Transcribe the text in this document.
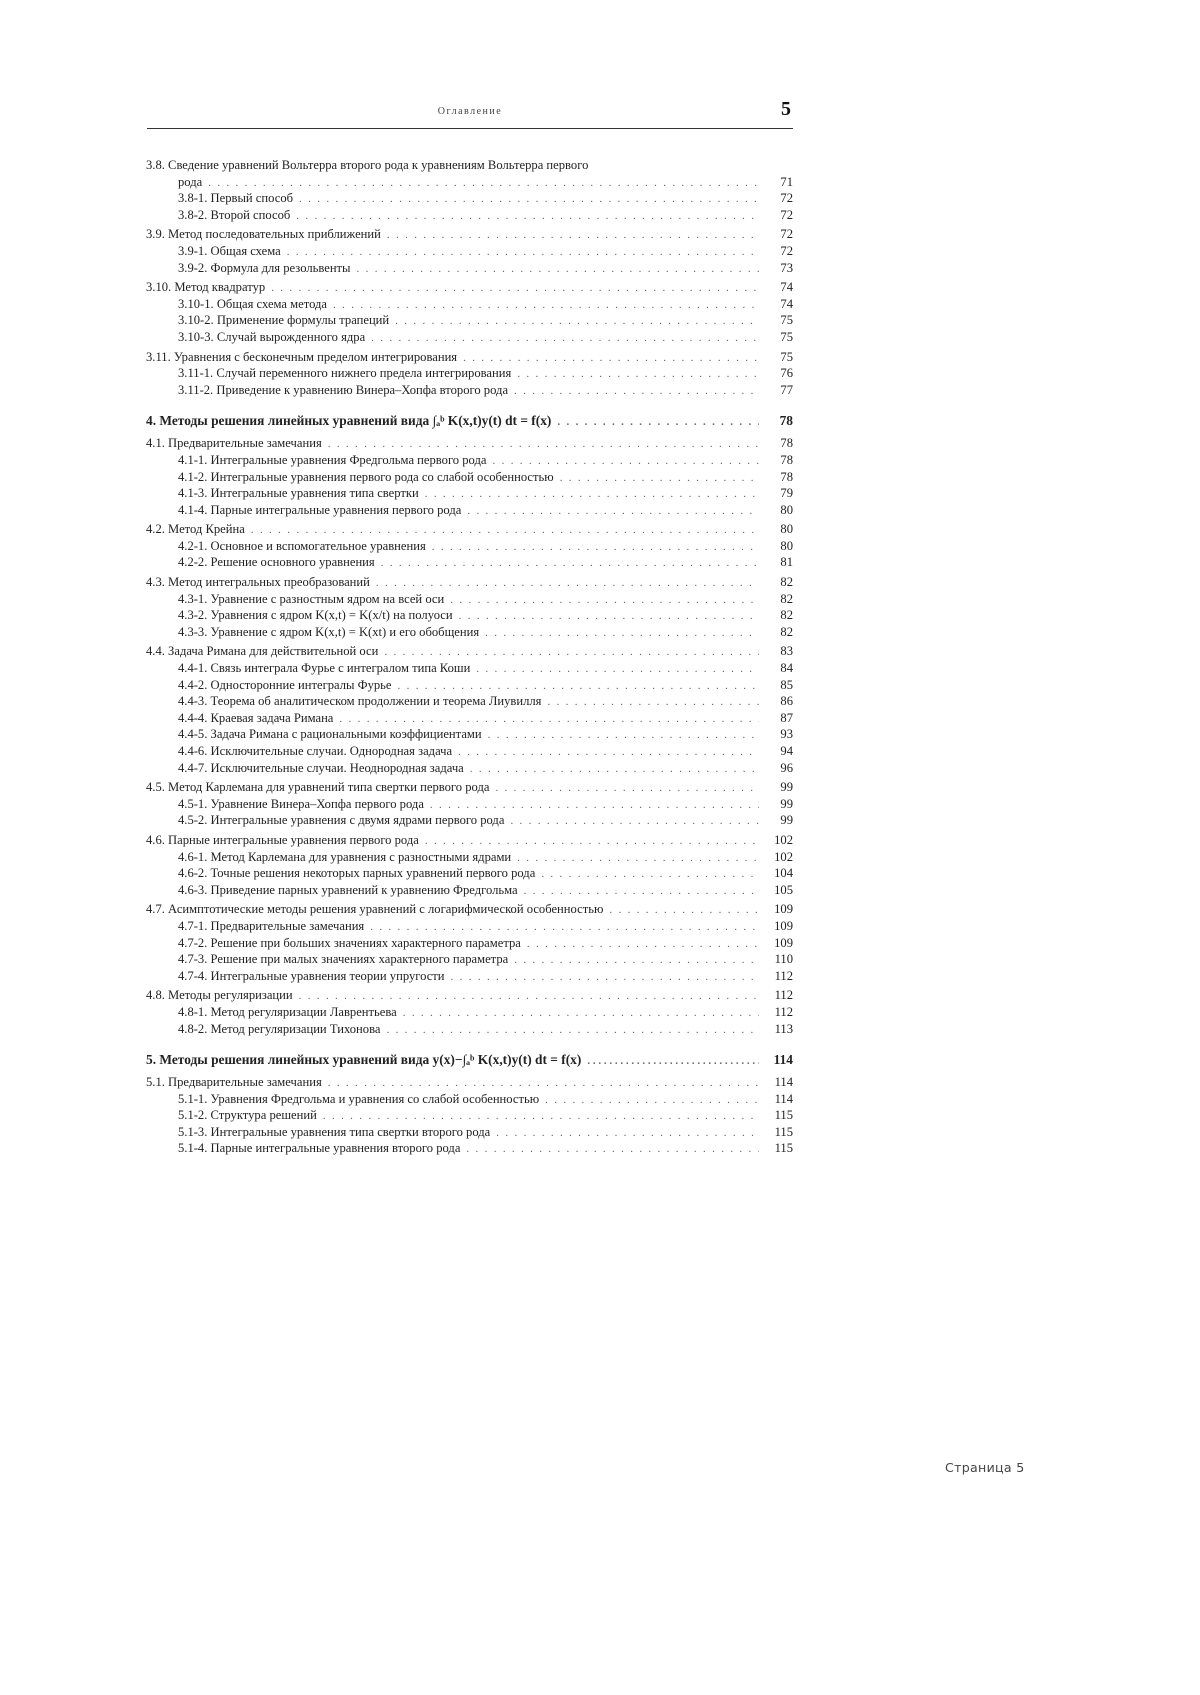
Оглавление	5
3.8. Сведение уравнений Вольтерра второго рода к уравнениям Вольтерра первого
рода
. . .	71
3.8-1. Первый способ
. . .	72
3.8-2. Второй способ
. . .	72
3.9. Метод последовательных приближений
. . .	72
3.9-1. Общая схема
. . .	72
3.9-2. Формула для резольвенты
. . .	73
3.10. Метод квадратур
. . .	74
3.10-1. Общая схема метода
. . .	74
3.10-2. Применение формулы трапеций
. . .	75
3.10-3. Случай вырожденного ядра
. . .	75
3.11. Уравнения с бесконечным пределом интегрирования
. . .	75
3.11-1. Случай переменного нижнего предела интегрирования
. . .	76
3.11-2. Приведение к уравнению Винера–Хопфа второго рода
. . .	77
4. Методы решения линейных уравнений вида ∫ₐᵇ K(x,t)y(t) dt = f(x)
. . .	78
4.1. Предварительные замечания
. . .	78
4.1-1. Интегральные уравнения Фредгольма первого рода
. . .	78
4.1-2. Интегральные уравнения первого рода со слабой особенностью
. . .	78
4.1-3. Интегральные уравнения типа свертки
. . .	79
4.1-4. Парные интегральные уравнения первого рода
. . .	80
4.2. Метод Крейна
. . .	80
4.2-1. Основное и вспомогательное уравнения
. . .	80
4.2-2. Решение основного уравнения
. . .	81
4.3. Метод интегральных преобразований
. . .	82
4.3-1. Уравнение с разностным ядром на всей оси
. . .	82
4.3-2. Уравнения с ядром K(x,t) = K(x/t) на полуоси
. . .	82
4.3-3. Уравнение с ядром K(x,t) = K(xt) и его обобщения
. . .	82
4.4. Задача Римана для действительной оси
. . .	83
4.4-1. Связь интеграла Фурье с интегралом типа Коши
. . .	84
4.4-2. Односторонние интегралы Фурье
. . .	85
4.4-3. Теорема об аналитическом продолжении и теорема Лиувилля
. . .	86
4.4-4. Краевая задача Римана
. . .	87
4.4-5. Задача Римана с рациональными коэффициентами
. . .	93
4.4-6. Исключительные случаи. Однородная задача
. . .	94
4.4-7. Исключительные случаи. Неоднородная задача
. . .	96
4.5. Метод Карлемана для уравнений типа свертки первого рода
. . .	99
4.5-1. Уравнение Винера–Хопфа первого рода
. . .	99
4.5-2. Интегральные уравнения с двумя ядрами первого рода
. . .	99
4.6. Парные интегральные уравнения первого рода
. . .	102
4.6-1. Метод Карлемана для уравнения с разностными ядрами
. . .	102
4.6-2. Точные решения некоторых парных уравнений первого рода
. . .	104
4.6-3. Приведение парных уравнений к уравнению Фредгольма
. . .	105
4.7. Асимптотические методы решения уравнений с логарифмической особенностью
. . .	109
4.7-1. Предварительные замечания
. . .	109
4.7-2. Решение при больших значениях характерного параметра
. . .	109
4.7-3. Решение при малых значениях характерного параметра
. . .	110
4.7-4. Интегральные уравнения теории упругости
. . .	112
4.8. Методы регуляризации
. . .	112
4.8-1. Метод регуляризации Лаврентьева
. . .	112
4.8-2. Метод регуляризации Тихонова
. . .	113
5. Методы решения линейных уравнений вида y(x)−∫ₐᵇ K(x,t)y(t) dt = f(x)
. . .	114
5.1. Предварительные замечания
. . .	114
5.1-1. Уравнения Фредгольма и уравнения со слабой особенностью
. . .	114
5.1-2. Структура решений
. . .	115
5.1-3. Интегральные уравнения типа свертки второго рода
. . .	115
5.1-4. Парные интегральные уравнения второго рода
. . .	115
Страница 5
